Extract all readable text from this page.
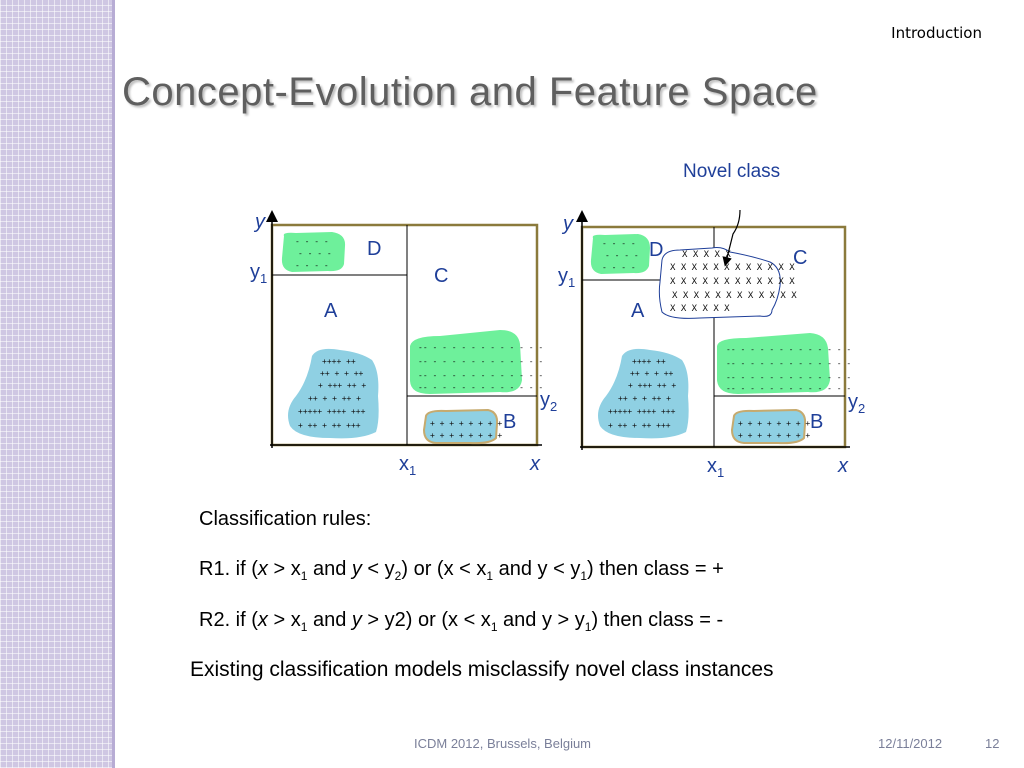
Introduction
Concept-Evolution and Feature Space
- - - -
- - - -
- - - -
-- - - - - - - - - - - - -
-- - - - - - - - - - - - -
-- - - - - - - - - - - - -
-- - - - - - - - - - - - -
++++ ++
++ + + ++
+ +++ ++ +
++ + + ++ +
+++++ ++++ +++
+ ++ + ++ +++	+ + + + + + + +
+ + + + + + + +
y
$y_1$
$y_2$
$x_1$	x
D
C
A
B
- - - -
- - - -
- - - -
X X X X X
X X X X X X X X X X X X
X X X X X X X X X X X X
X X X X X X X X X X X X
X X X X X X
-- - - - - - - - - - - - -
-- - - - - - - - - - - - -
-- - - - - - - - - - - - -
-- - - - - - - - - - - - -
++++ ++
++ + + ++
+ +++ ++ +
++ + + ++ +
+++++ ++++ +++
+ ++ + ++ +++	+ + + + + + + +
+ + + + + + + +
Novel class
y
$y_1$
$y_2$
$x_1$	x
D	C
A
B
Classification rules:
R1. if ($x > x_1$ and $y < y_2$) or ($x < x_1$ and $y < y_1$) then class = +
R2. if ($x > x_1$ and y > y2) or ($x < x_1$ and $y > y_1$) then class = -
Existing classification models misclassify novel class instances
ICDM 2012, Brussels, Belgium	12/11/2012	12
